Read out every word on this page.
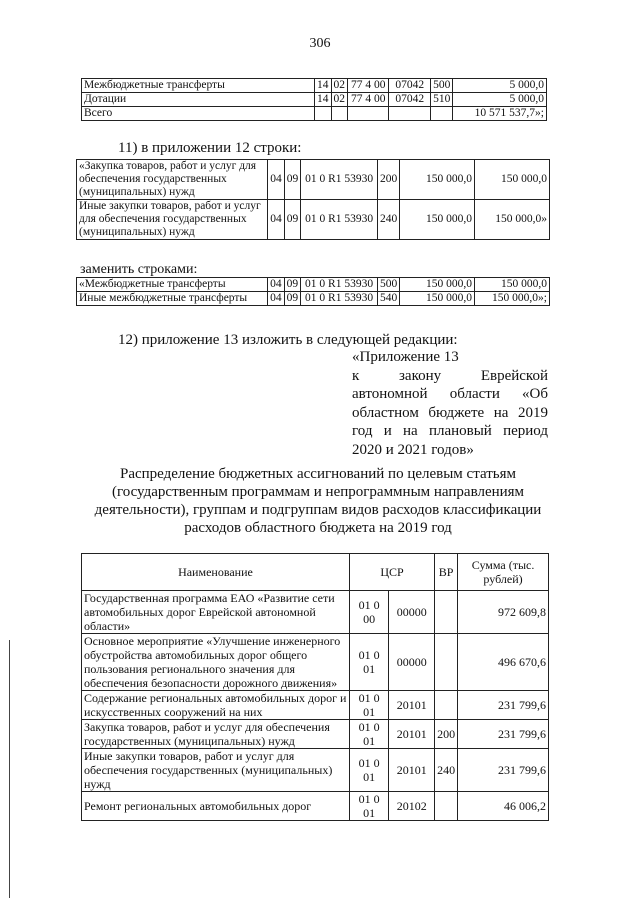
306
Межбюджетные трансферты	14	02	77 4 00	07042	500	5 000,0
Дотации	14	02	77 4 00	07042	510	5 000,0
Всего						10 571 537,7»;
11) в приложении 12 строки:
«Закупка товаров, работ и услуг для обеспечения государственных (муниципальных) нужд	04	09	01 0 R1 53930	200	150 000,0	150 000,0
Иные закупки товаров, работ и услуг для обеспечения государственных (муниципальных) нужд	04	09	01 0 R1 53930	240	150 000,0	150 000,0»
заменить строками:
«Межбюджетные трансферты	04	09	01 0 R1 53930	500	150 000,0	150 000,0
Иные межбюджетные трансферты	04	09	01 0 R1 53930	540	150 000,0	150 000,0»;
12) приложение 13 изложить в следующей редакции:
«Приложение 13
к закону Еврейской
автономной области «Об
областном бюджете на 2019
год и на плановый период
2020 и 2021 годов»
Распределение бюджетных ассигнований по целевым статьям
(государственным программам и непрограммным направлениям
деятельности), группам и подгруппам видов расходов классификации
расходов областного бюджета на 2019 год
Наименование	ЦСР		ВР	Сумма (тыс. рублей)
Государственная программа ЕАО «Развитие сети автомобильных дорог Еврейской автономной области»	01 0 00	00000		972 609,8
Основное мероприятие «Улучшение инженерного обустройства автомобильных дорог общего пользования регионального значения для обеспечения безопасности дорожного движения»	01 0 01	00000		496 670,6
Содержание региональных автомобильных дорог и искусственных сооружений на них	01 0 01	20101		231 799,6
Закупка товаров, работ и услуг для обеспечения государственных (муниципальных) нужд	01 0 01	20101	200	231 799,6
Иные закупки товаров, работ и услуг для обеспечения государственных (муниципальных) нужд	01 0 01	20101	240	231 799,6
Ремонт региональных автомобильных дорог	01 0 01	20102		46 006,2
